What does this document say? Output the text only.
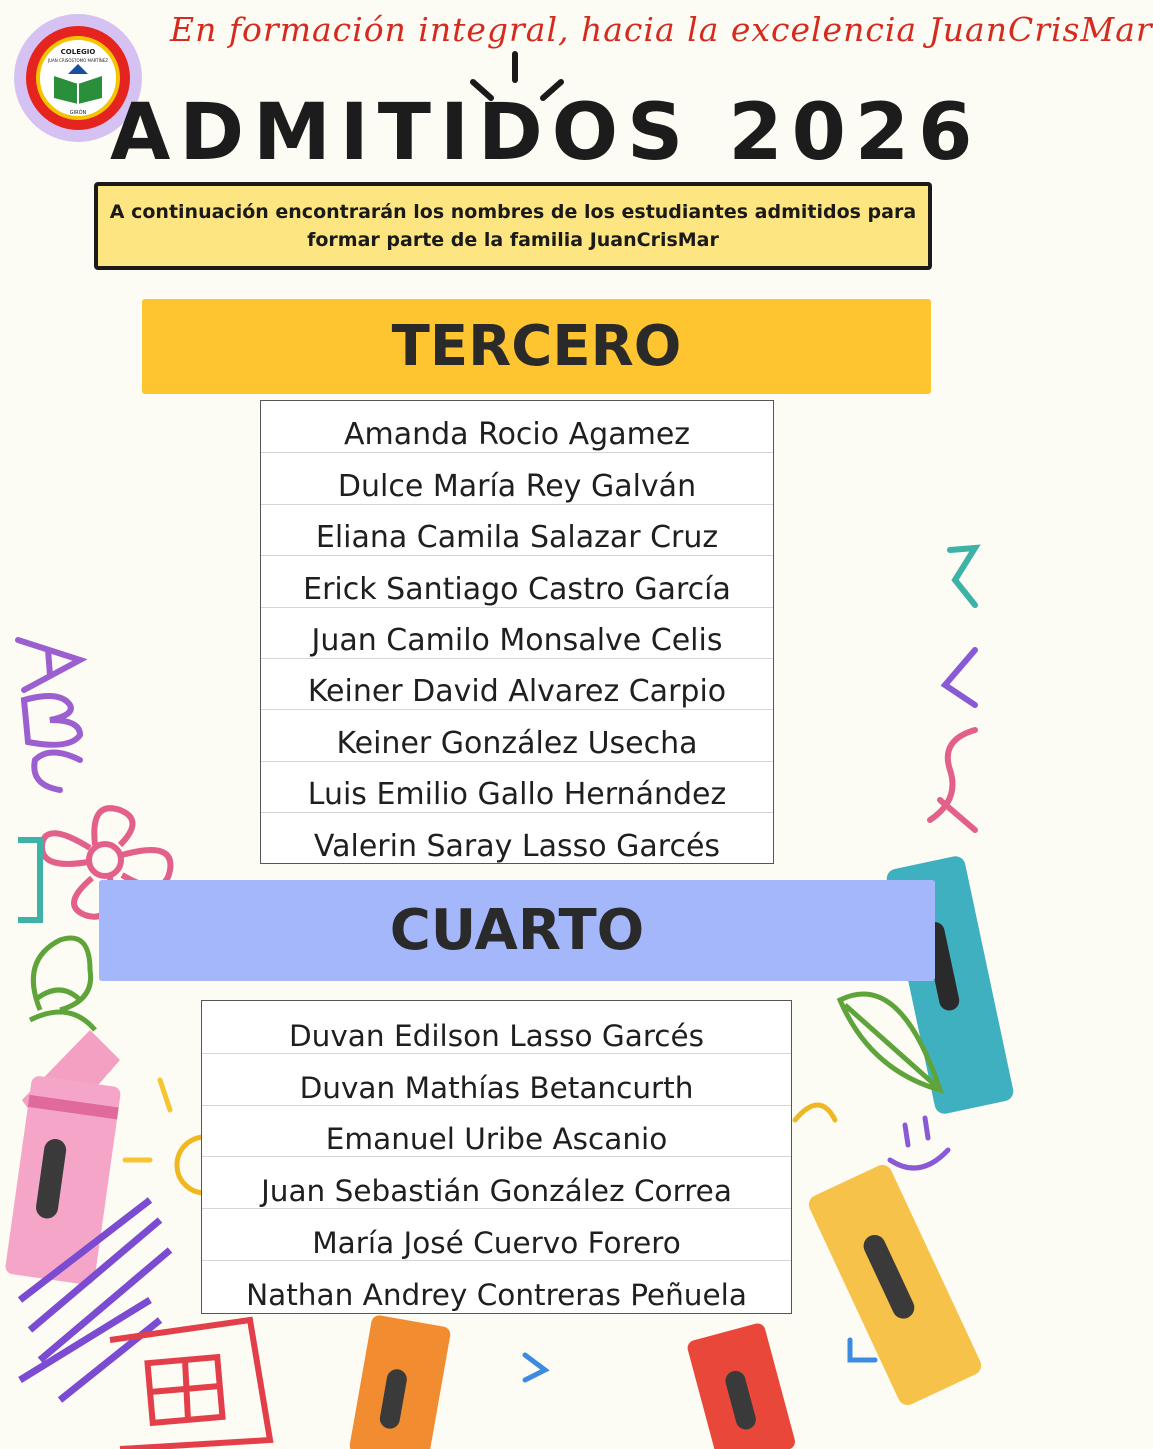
COLEGIO
JUAN CRISÓSTOMO MARTÍNEZ
GIRÓN
En formación integral, hacia la excelencia JuanCrisMar
ADMITIDOS 2026
A continuación encontrarán los nombres de los estudiantes admitidos para formar parte de la familia JuanCrisMar
TERCERO
Amanda Rocio Agamez
Dulce María Rey Galván
Eliana Camila Salazar Cruz
Erick Santiago Castro García
Juan Camilo Monsalve Celis
Keiner David Alvarez Carpio
Keiner González Usecha
Luis Emilio Gallo Hernández
Valerin Saray Lasso Garcés
CUARTO
Duvan Edilson Lasso Garcés
Duvan Mathías Betancurth
Emanuel Uribe Ascanio
Juan Sebastián González Correa
María José Cuervo Forero
Nathan Andrey Contreras Peñuela
